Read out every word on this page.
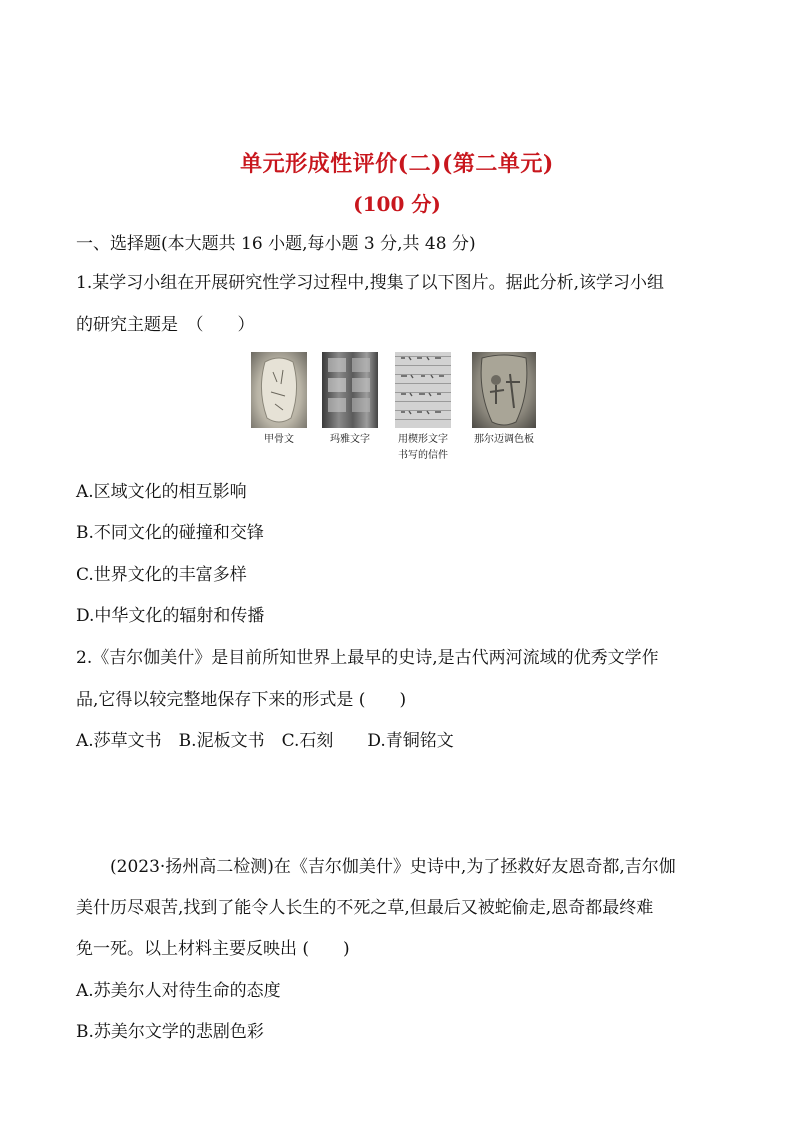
单元形成性评价(二)(第二单元)
(100 分)
一、选择题(本大题共 16 小题,每小题 3 分,共 48 分)
1.某学习小组在开展研究性学习过程中,搜集了以下图片。据此分析,该学习小组
的研究主题是　（　　）
甲骨文	玛雅文字	用楔形文字
书写的信件
那尔迈调色板
A.区域文化的相互影响
B.不同文化的碰撞和交锋
C.世界文化的丰富多样
D.中华文化的辐射和传播
2.《吉尔伽美什》是目前所知世界上最早的史诗,是古代两河流域的优秀文学作
品,它得以较完整地保存下来的形式是 (　　)
A.莎草文书　B.泥板文书　C.石刻　　D.青铜铭文
　　(2023·扬州高二检测)在《吉尔伽美什》史诗中,为了拯救好友恩奇都,吉尔伽
美什历尽艰苦,找到了能令人长生的不死之草,但最后又被蛇偷走,恩奇都最终难
免一死。以上材料主要反映出 (　　)
A.苏美尔人对待生命的态度
B.苏美尔文学的悲剧色彩
